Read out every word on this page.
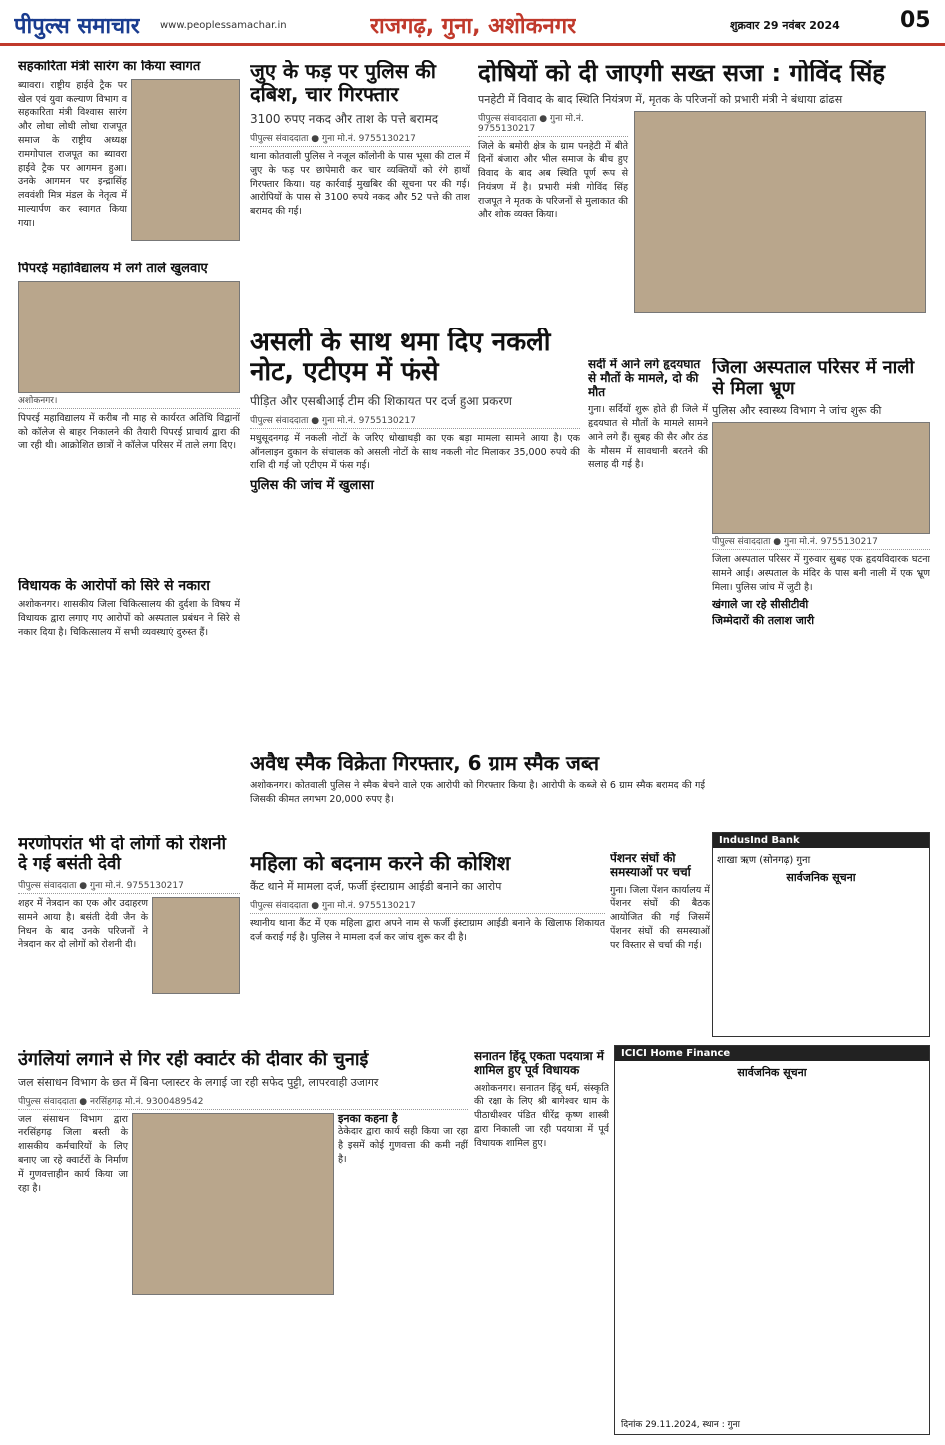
पीपुल्स समाचार www.peoplessamachar.in	राजगढ़, गुना, अशोकनगर	शुक्रवार 29 नवंबर 2024	05
सहकारिता मंत्री सारंग का किया स्वागत
ब्यावरा। राष्ट्रीय हाईवे ट्रैक पर खेल एवं युवा कल्याण विभाग व सहकारिता मंत्री विश्वास सारंग और लोधा लोधी लोधा राजपूत समाज के राष्ट्रीय अध्यक्ष रामगोपाल राजपूत का ब्यावरा हाईवे ट्रैक पर आगमन हुआ। उनके आगमन पर इन्द्रासिंह लववंशी मित्र मंडल के नेतृत्व में माल्यार्पण कर स्वागत किया गया।
पिपरई महाविद्यालय में लगे ताले खुलवाए
अशोकनगर।
पिपरई महाविद्यालय में करीब नौ माह से कार्यरत अतिथि विद्वानों को कॉलेज से बाहर निकालने की तैयारी पिपरई प्राचार्य द्वारा की जा रही थी। आक्रोशित छात्रों ने कॉलेज परिसर में ताले लगा दिए।
विधायक के आरोपों को सिरे से नकारा
अशोकनगर। शासकीय जिला चिकित्सालय की दुर्दशा के विषय में विधायक द्वारा लगाए गए आरोपों को अस्पताल प्रबंधन ने सिरे से नकार दिया है। चिकित्सालय में सभी व्यवस्थाएं दुरुस्त हैं।
जुए के फड़ पर पुलिस की दबिश, चार गिरफ्तार
3100 रुपए नकद और ताश के पत्ते बरामद
पीपुल्स संवाददाता ● गुना मो.नं. 9755130217
थाना कोतवाली पुलिस ने नजूल कॉलोनी के पास भूसा की टाल में जुए के फड़ पर छापेमारी कर चार व्यक्तियों को रंगे हाथों गिरफ्तार किया। यह कार्रवाई मुखबिर की सूचना पर की गई। आरोपियों के पास से 3100 रुपये नकद और 52 पत्ते की ताश बरामद की गई।
दोषियों को दी जाएगी सख्त सजा : गोविंद सिंह
पनहेटी में विवाद के बाद स्थिति नियंत्रण में, मृतक के परिजनों को प्रभारी मंत्री ने बंधाया ढांढस
पीपुल्स संवाददाता ● गुना मो.नं. 9755130217
जिले के बमोरी क्षेत्र के ग्राम पनहेटी में बीते दिनों बंजारा और भील समाज के बीच हुए विवाद के बाद अब स्थिति पूर्ण रूप से नियंत्रण में है। प्रभारी मंत्री गोविंद सिंह राजपूत ने मृतक के परिजनों से मुलाकात की और शोक व्यक्त किया।
असली के साथ थमा दिए नकली नोट, एटीएम में फंसे
पीड़ित और एसबीआई टीम की शिकायत पर दर्ज हुआ प्रकरण
पीपुल्स संवाददाता ● गुना मो.नं. 9755130217
मधुसूदनगढ़ में नकली नोटों के जरिए धोखाधड़ी का एक बड़ा मामला सामने आया है। एक ऑनलाइन दुकान के संचालक को असली नोटों के साथ नकली नोट मिलाकर 35,000 रुपये की राशि दी गई जो एटीएम में फंस गई।
पुलिस की जांच में खुलासा
सर्दी में आने लगे हृदयघात से मौतों के मामले, दो की मौत
गुना। सर्दियों शुरू होते ही जिले में हृदयघात से मौतों के मामले सामने आने लगे हैं। सुबह की सैर और ठंड के मौसम में सावधानी बरतने की सलाह दी गई है।
जिला अस्पताल परिसर में नाली से मिला भ्रूण
पुलिस और स्वास्थ्य विभाग ने जांच शुरू की
पीपुल्स संवाददाता ● गुना मो.नं. 9755130217
जिला अस्पताल परिसर में गुरुवार सुबह एक हृदयविदारक घटना सामने आई। अस्पताल के मंदिर के पास बनी नाली में एक भ्रूण मिला। पुलिस जांच में जुटी है।
खंगाले जा रहे सीसीटीवी
जिम्मेदारों की तलाश जारी
अवैध स्मैक विक्रेता गिरफ्तार, 6 ग्राम स्मैक जब्त
अशोकनगर। कोतवाली पुलिस ने स्मैक बेचने वाले एक आरोपी को गिरफ्तार किया है। आरोपी के कब्जे से 6 ग्राम स्मैक बरामद की गई जिसकी कीमत लगभग 20,000 रुपए है।
मरणोपरांत भी दो लोगों को रोशनी दे गई बसंती देवी
पीपुल्स संवाददाता ● गुना मो.नं. 9755130217
शहर में नेत्रदान का एक और उदाहरण सामने आया है। बसंती देवी जैन के निधन के बाद उनके परिजनों ने नेत्रदान कर दो लोगों को रोशनी दी।
महिला को बदनाम करने की कोशिश
कैंट थाने में मामला दर्ज, फर्जी इंस्टाग्राम आईडी बनाने का आरोप
पीपुल्स संवाददाता ● गुना मो.नं. 9755130217
स्थानीय थाना कैंट में एक महिला द्वारा अपने नाम से फर्जी इंस्टाग्राम आईडी बनाने के खिलाफ शिकायत दर्ज कराई गई है। पुलिस ने मामला दर्ज कर जांच शुरू कर दी है।
पेंशनर संघों की समस्याओं पर चर्चा
गुना। जिला पेंशन कार्यालय में पेंशनर संघों की बैठक आयोजित की गई जिसमें पेंशनर संघों की समस्याओं पर विस्तार से चर्चा की गई।
IndusInd Bank
शाखा ऋण (सोनगढ़) गुना
सार्वजनिक सूचना
उंगलियां लगाने से गिर रही क्वार्टर की दीवार की चुनाई
जल संसाधन विभाग के छत में बिना प्लास्टर के लगाई जा रही सफेद पुट्टी, लापरवाही उजागर
पीपुल्स संवाददाता ● नरसिंहगढ़ मो.नं. 9300489542
जल संसाधन विभाग द्वारा नरसिंहगढ़ जिला बस्ती के शासकीय कर्मचारियों के लिए बनाए जा रहे क्वार्टरों के निर्माण में गुणवत्ताहीन कार्य किया जा रहा है।
इनका कहना है
ठेकेदार द्वारा कार्य सही किया जा रहा है इसमें कोई गुणवत्ता की कमी नहीं है।
सनातन हिंदू एकता पदयात्रा में शामिल हुए पूर्व विधायक
अशोकनगर। सनातन हिंदू धर्म, संस्कृति की रक्षा के लिए श्री बागेश्वर धाम के पीठाधीश्वर पंडित धीरेंद्र कृष्ण शास्त्री द्वारा निकाली जा रही पदयात्रा में पूर्व विधायक शामिल हुए।
ICICI Home Finance
सार्वजनिक सूचना
दिनांक 29.11.2024, स्थान : गुना
